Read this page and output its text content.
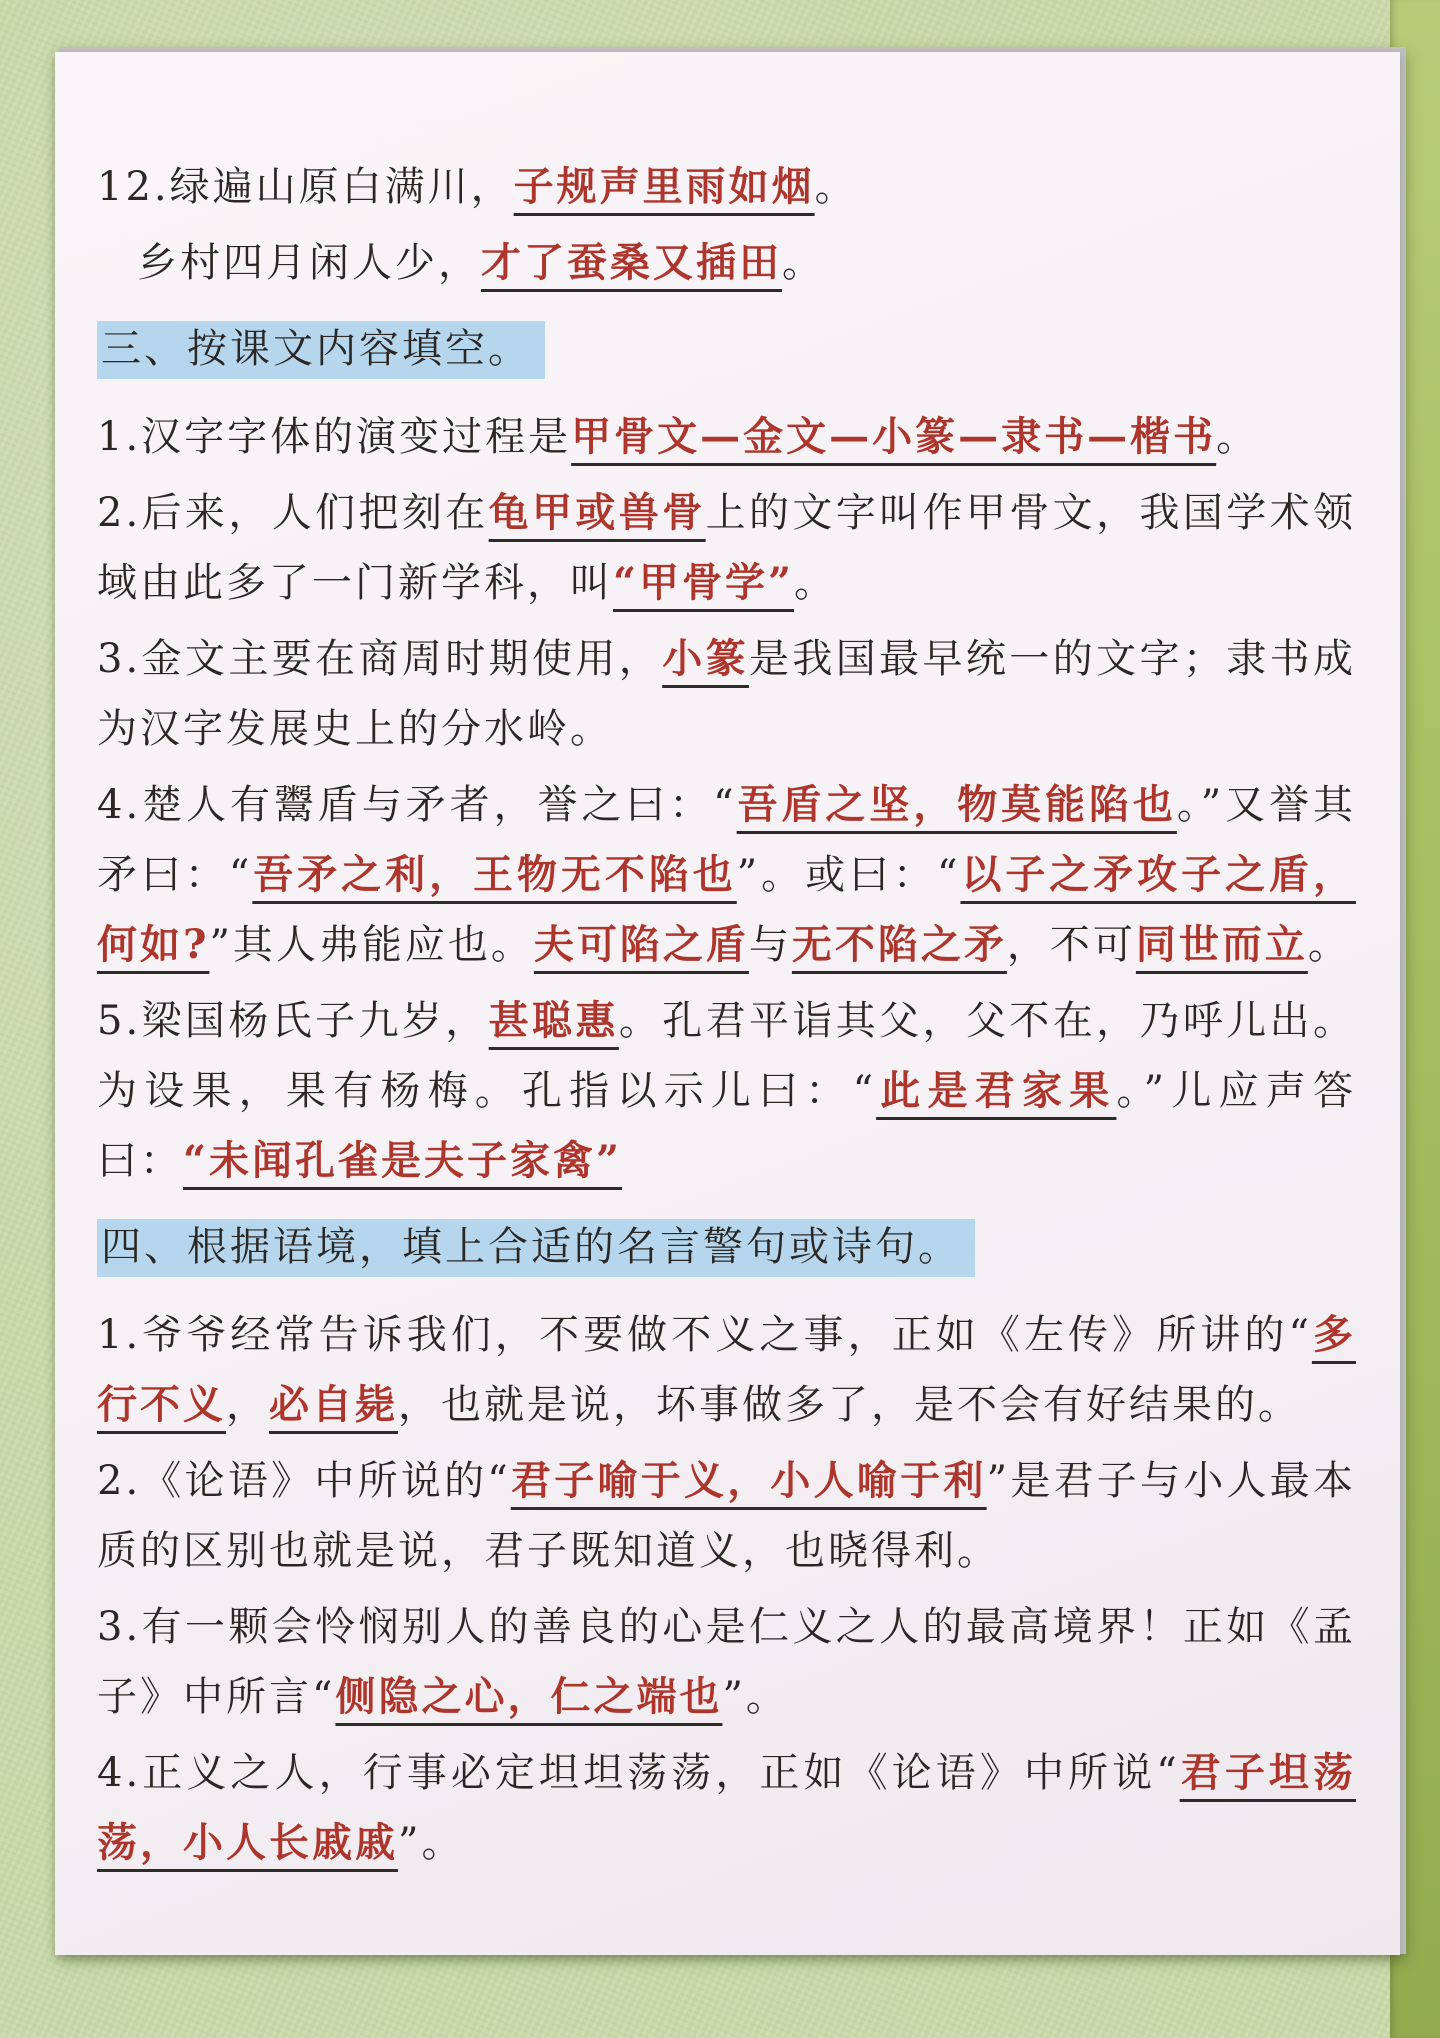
12.绿遍山原白满川，子规声里雨如烟。
乡村四月闲人少，才了蚕桑又插田。
三、按课文内容填空。
1.汉字字体的演变过程是甲骨文—金文—小篆—隶书—楷书。
2.后来，人们把刻在龟甲或兽骨上的文字叫作甲骨文，我国学术领域由此多了一门新学科，叫“甲骨学”。
3.金文主要在商周时期使用，小篆是我国最早统一的文字；隶书成为汉字发展史上的分水岭。
4.楚人有鬻盾与矛者，誉之曰：“吾盾之坚，物莫能陷也。”又誉其矛曰：“吾矛之利，王物无不陷也”。或曰：“以子之矛攻子之盾，何如?”其人弗能应也。夫可陷之盾与无不陷之矛，不可同世而立。
5.梁国杨氏子九岁，甚聪惠。孔君平诣其父，父不在，乃呼儿出。为设果，果有杨梅。孔指以示儿曰：“此是君家果。”儿应声答曰：“未闻孔雀是夫子家禽”
四、根据语境，填上合适的名言警句或诗句。
1.爷爷经常告诉我们，不要做不义之事，正如《左传》所讲的“多行不义，必自毙，也就是说，坏事做多了，是不会有好结果的。
2.《论语》中所说的“君子喻于义，小人喻于利”是君子与小人最本质的区别也就是说，君子既知道义，也晓得利。
3.有一颗会怜悯别人的善良的心是仁义之人的最高境界！正如《孟子》中所言“侧隐之心，仁之端也”。
4.正义之人，行事必定坦坦荡荡，正如《论语》中所说“君子坦荡荡，小人长戚戚”。
